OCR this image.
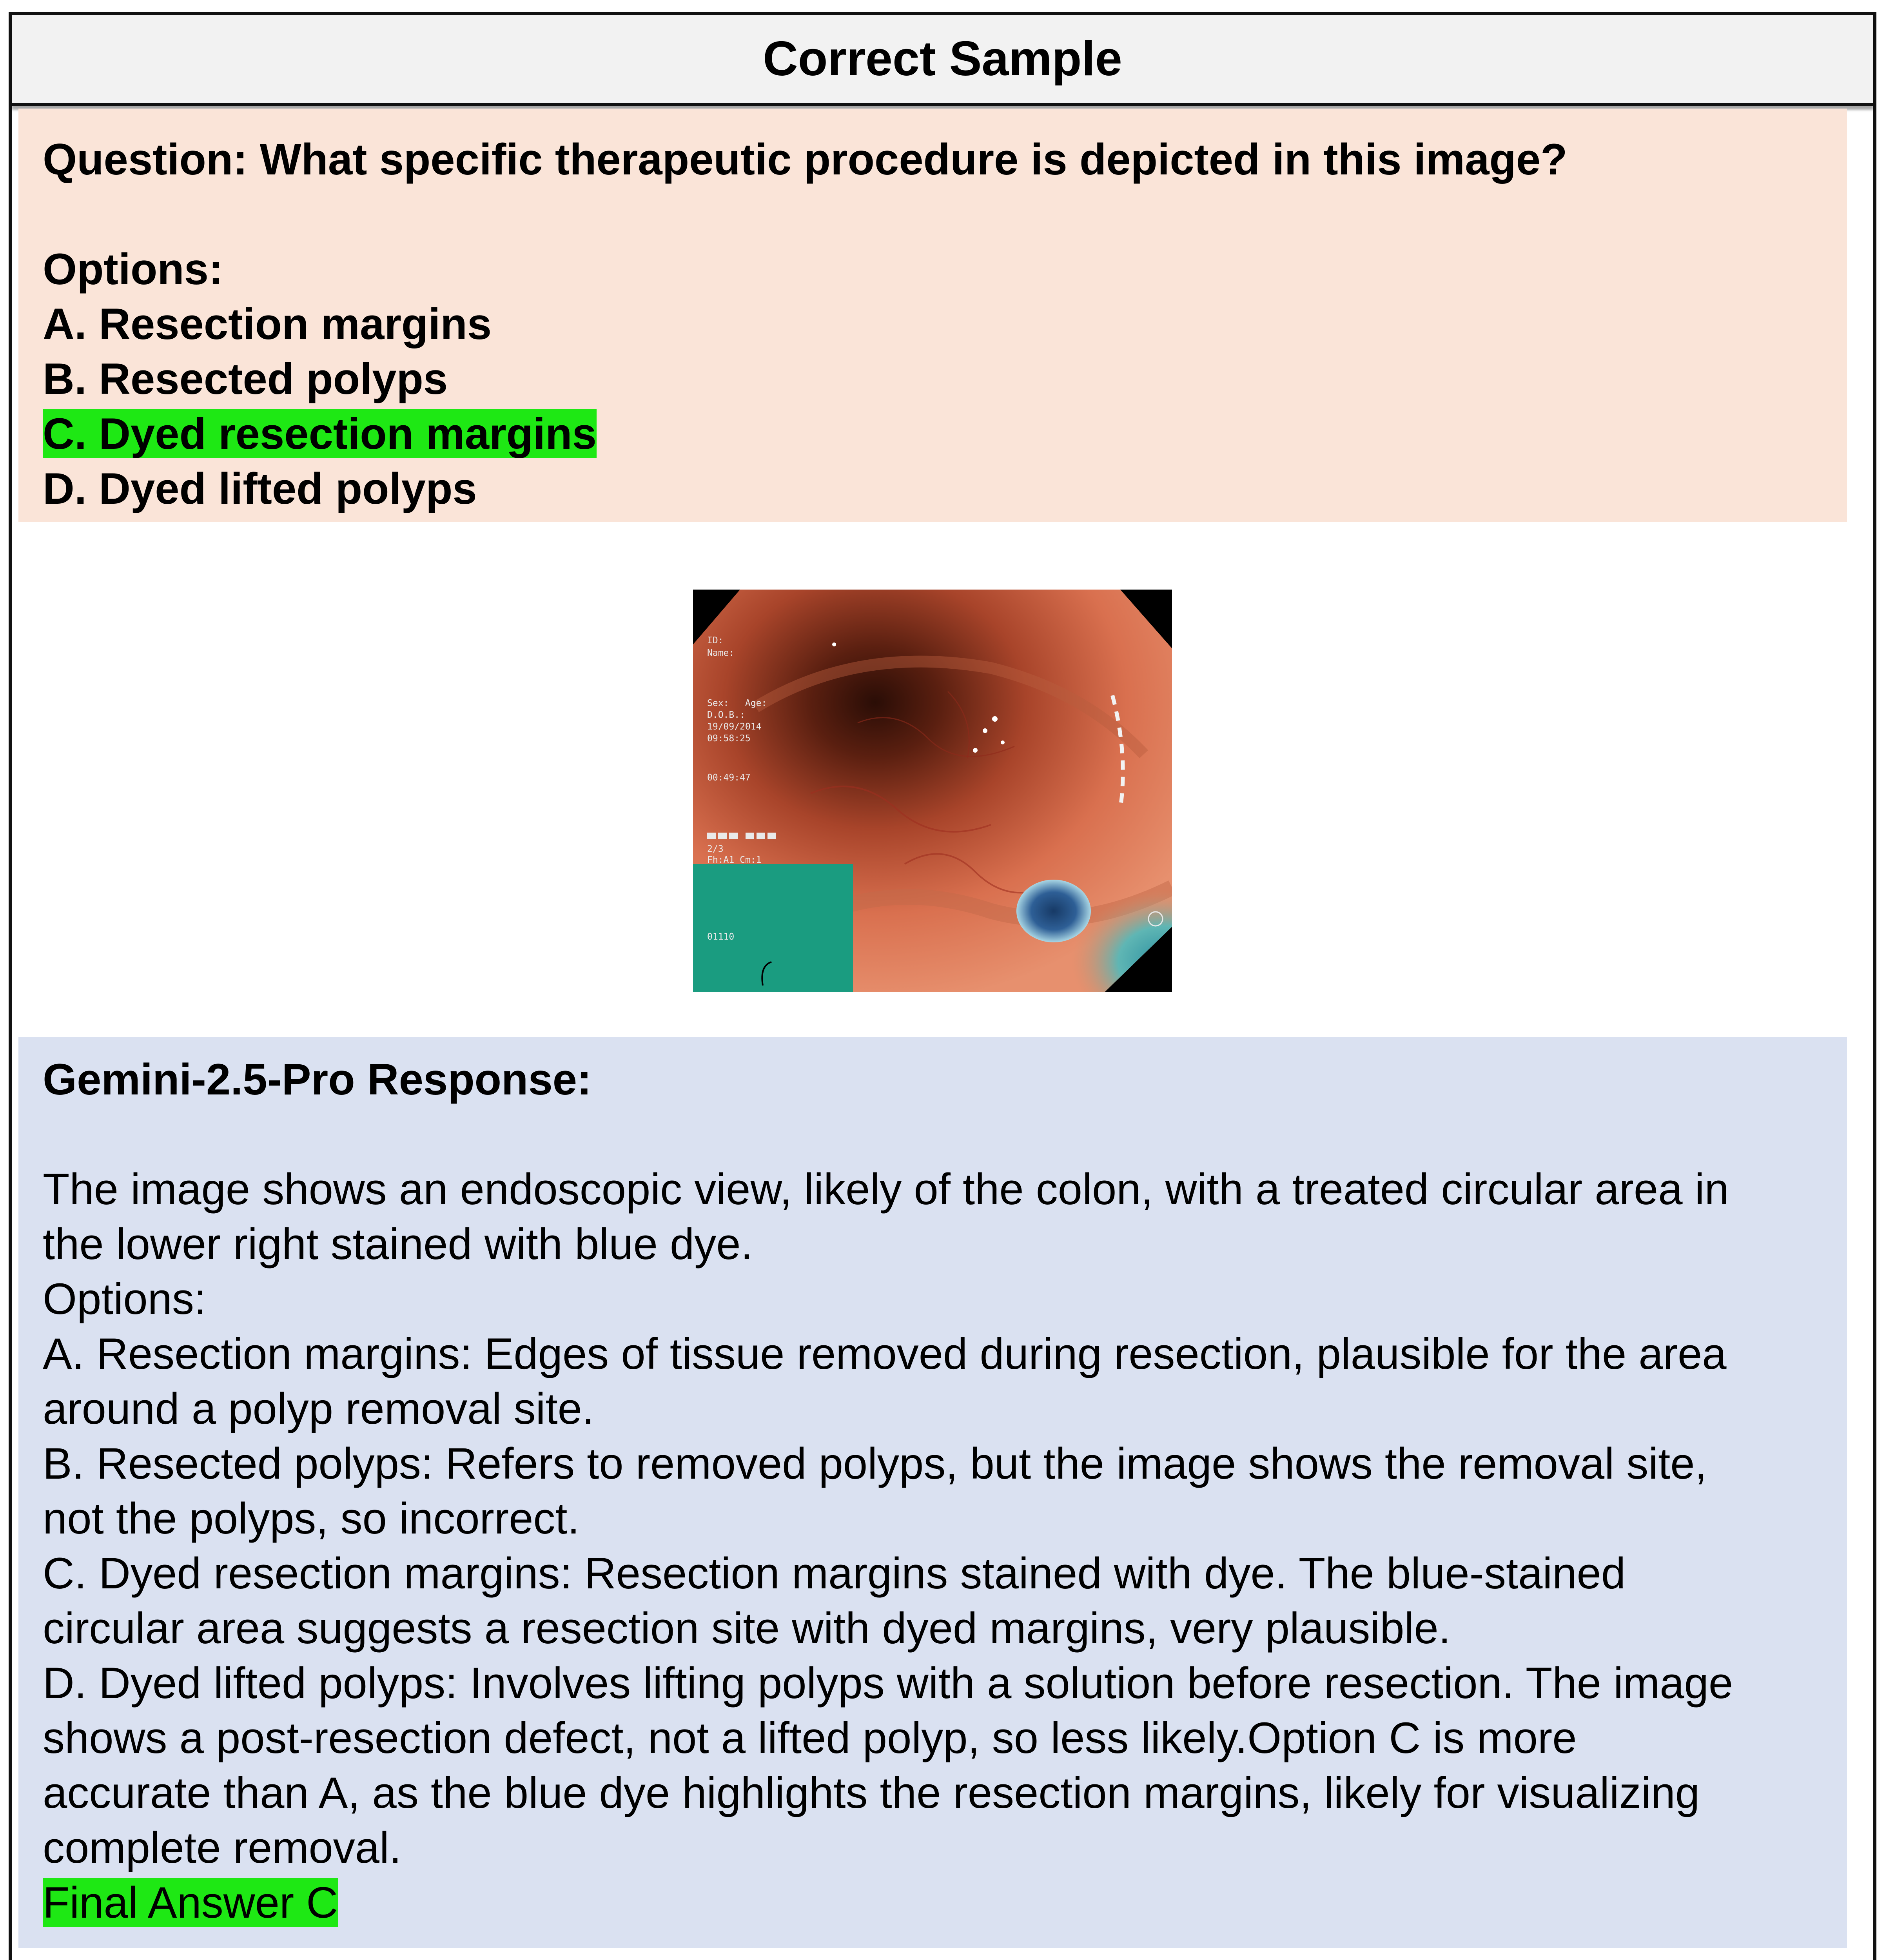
Correct Sample
Question: What specific therapeutic procedure is depicted in this image?
Options:
A. Resection margins
B. Resected polyps
C. Dyed resection margins
D. Dyed lifted polyps
ID:
Name:
Sex:   Age:
D.O.B.:
19/09/2014
09:58:25
00:49:47
2/3
Fh:A1 Cm:1
01110
Gemini-2.5-Pro Response:
The image shows an endoscopic view, likely of the colon, with a treated circular area in
the lower right stained with blue dye.
Options:
A. Resection margins: Edges of tissue removed during resection, plausible for the area
around a polyp removal site.
B. Resected polyps: Refers to removed polyps, but the image shows the removal site,
not the polyps, so incorrect.
C. Dyed resection margins: Resection margins stained with dye. The blue-stained
circular area suggests a resection site with dyed margins, very plausible.
D. Dyed lifted polyps: Involves lifting polyps with a solution before resection. The image
shows a post-resection defect, not a lifted polyp, so less likely.Option C is more
accurate than A, as the blue dye highlights the resection margins, likely for visualizing
complete removal.
Final Answer C
